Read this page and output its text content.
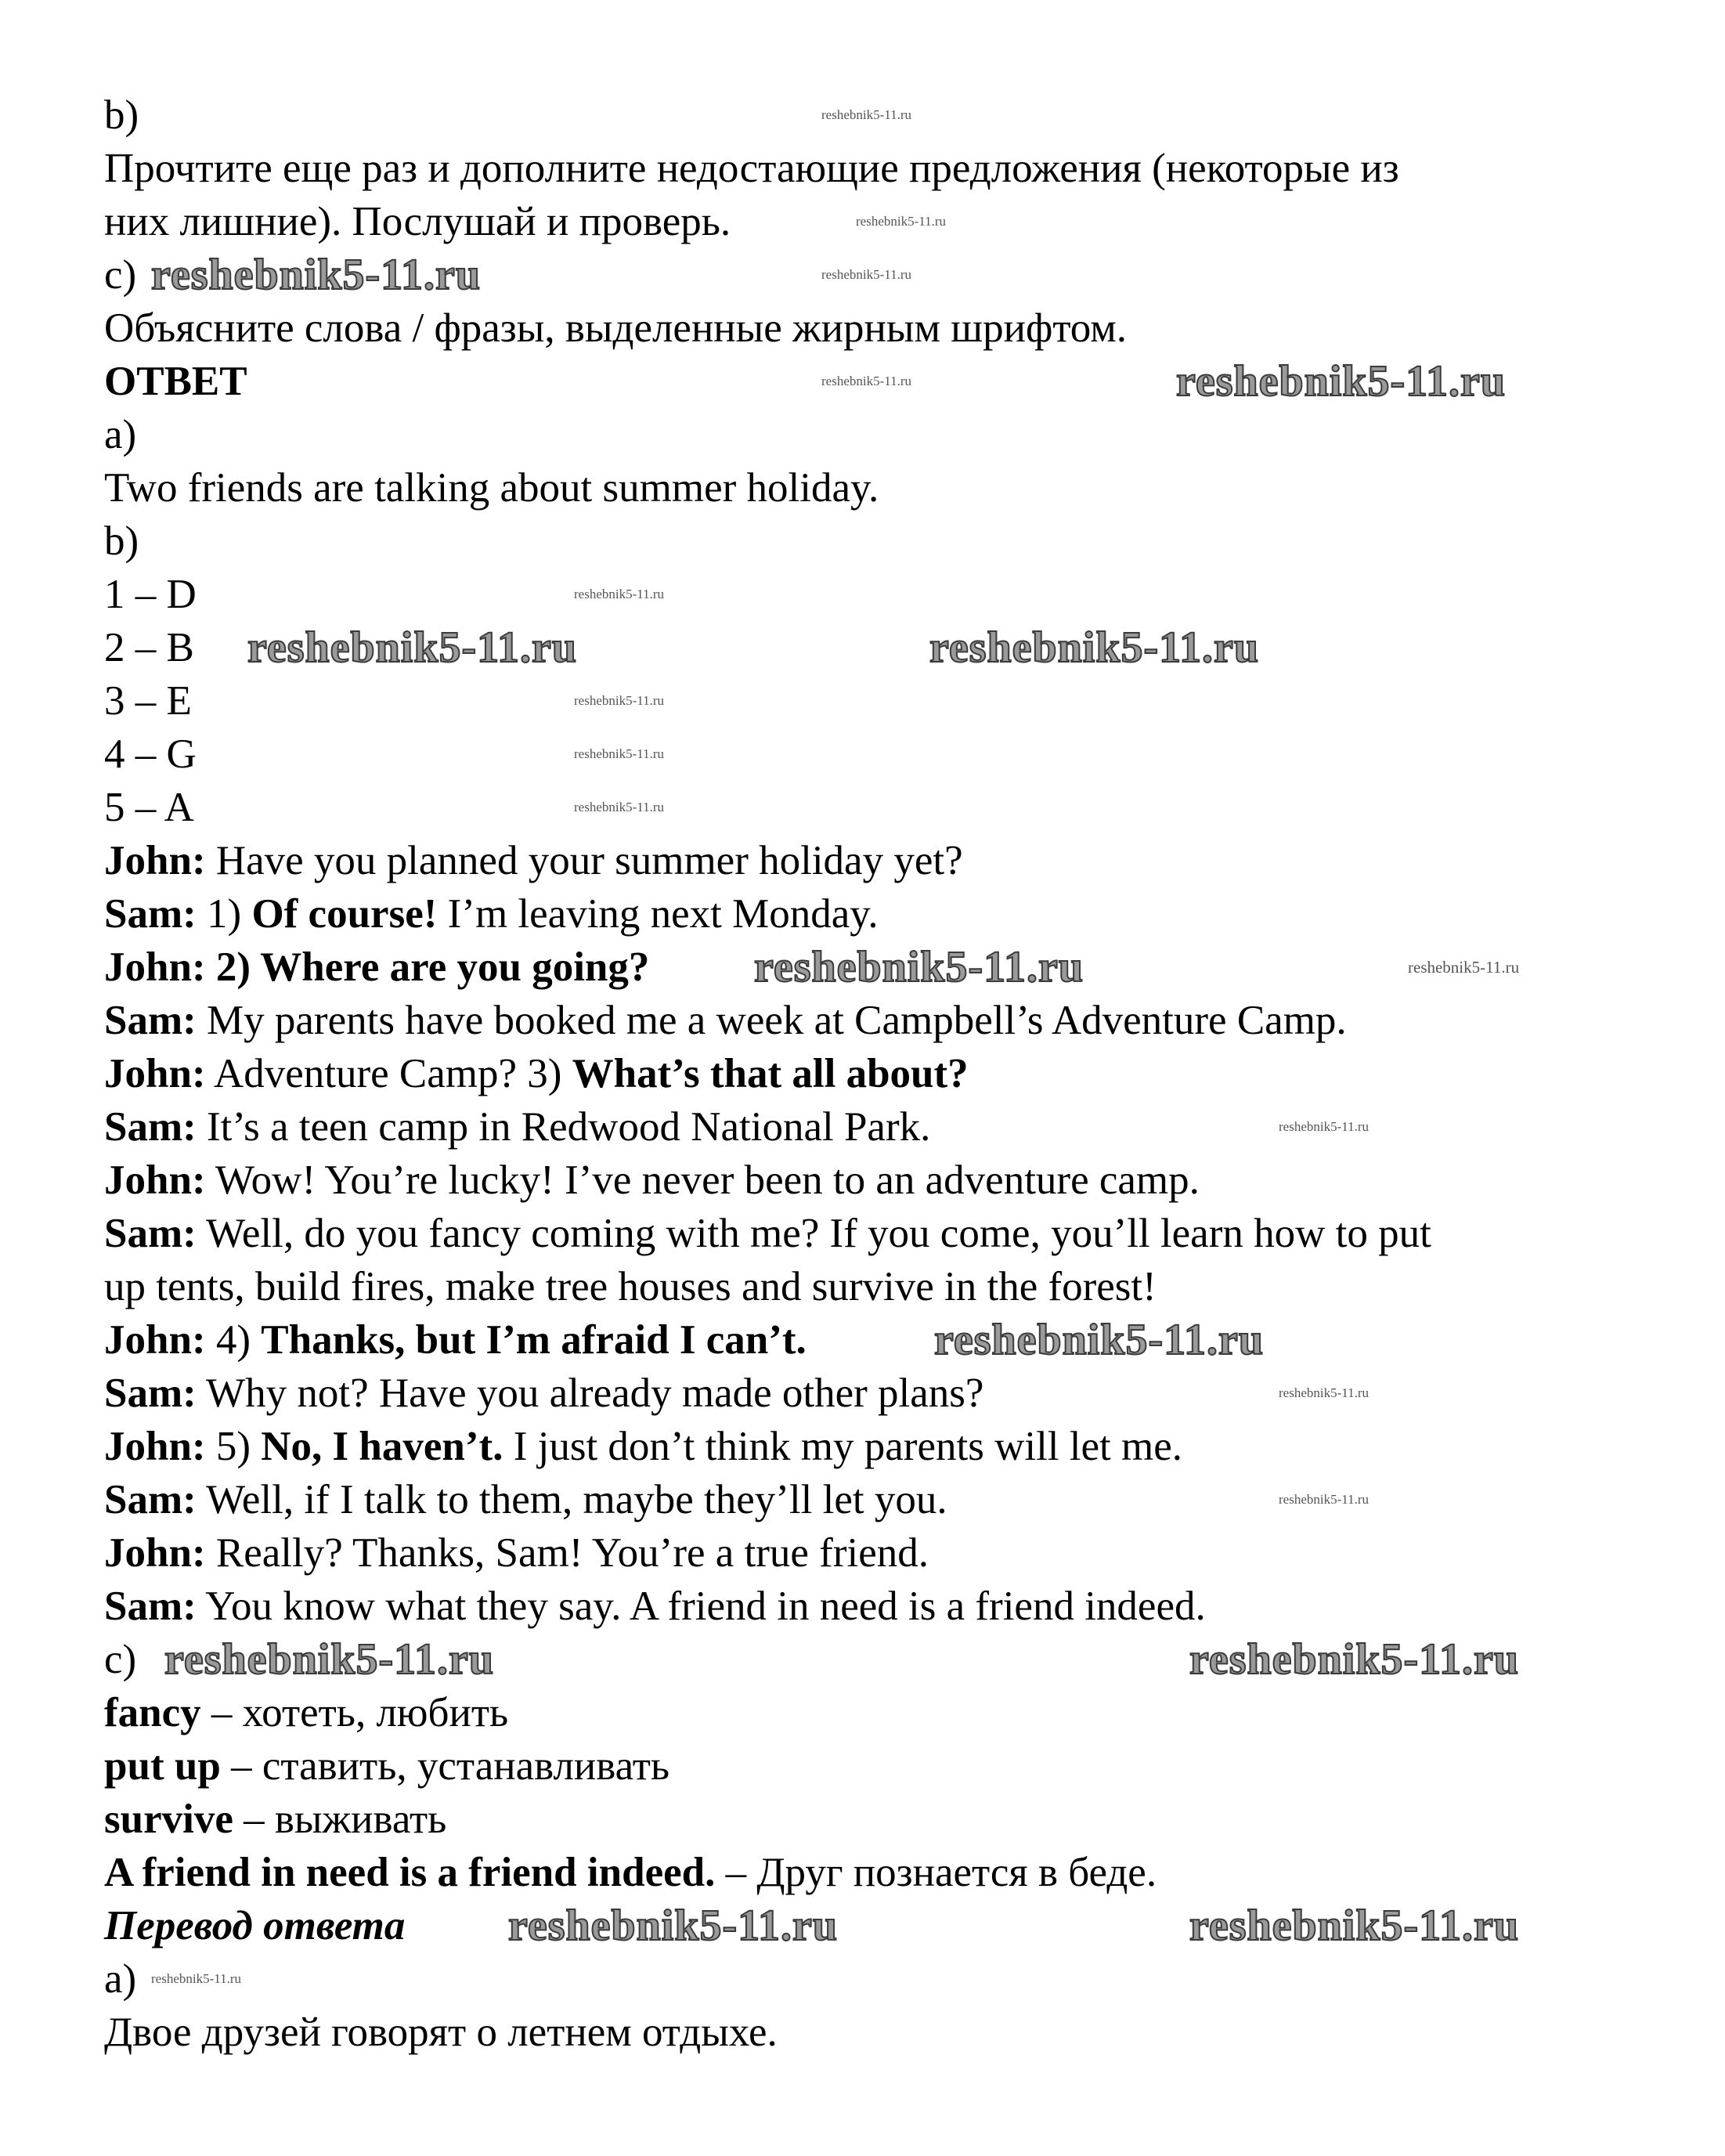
b)	reshebnik5-11.ru
Прочтите еще раз и дополните недостающие предложения (некоторые из
них лишние). Послушай и проверь.	reshebnik5-11.ru
c) reshebnik5-11.ru	reshebnik5-11.ru
Объясните слова / фразы, выделенные жирным шрифтом.
ОТВЕТ	reshebnik5-11.ru
reshebnik5-11.ru
a)
Two friends are talking about summer holiday.
b)
1 – D	reshebnik5-11.ru
2 – B reshebnik5-11.ru	reshebnik5-11.ru
3 – E	reshebnik5-11.ru
4 – G	reshebnik5-11.ru
5 – A	reshebnik5-11.ru
John: Have you planned your summer holiday yet?
Sam: 1) Of course! I’m leaving next Monday.
John: 2) Where are you going? reshebnik5-11.ru	reshebnik5-11.ru
Sam: My parents have booked me a week at Campbell’s Adventure Camp.
John: Adventure Camp? 3) What’s that all about?
Sam: It’s a teen camp in Redwood National Park.	reshebnik5-11.ru
John: Wow! You’re lucky! I’ve never been to an adventure camp.
Sam: Well, do you fancy coming with me? If you come, you’ll learn how to put
up tents, build fires, make tree houses and survive in the forest!
John: 4) Thanks, but I’m afraid I can’t.	reshebnik5-11.ru
Sam: Why not? Have you already made other plans?	reshebnik5-11.ru
John: 5) No, I haven’t. I just don’t think my parents will let me.
Sam: Well, if I talk to them, maybe they’ll let you.	reshebnik5-11.ru
John: Really? Thanks, Sam! You’re a true friend.
Sam: You know what they say. A friend in need is a friend indeed.
c) reshebnik5-11.ru	reshebnik5-11.ru
fancy – хотеть, любить
put up – ставить, устанавливать
survive – выживать
A friend in need is a friend indeed. – Друг познается в беде.
Перевод ответа reshebnik5-11.ru	reshebnik5-11.ru
a) reshebnik5-11.ru
Двое друзей говорят о летнем отдыхе.
